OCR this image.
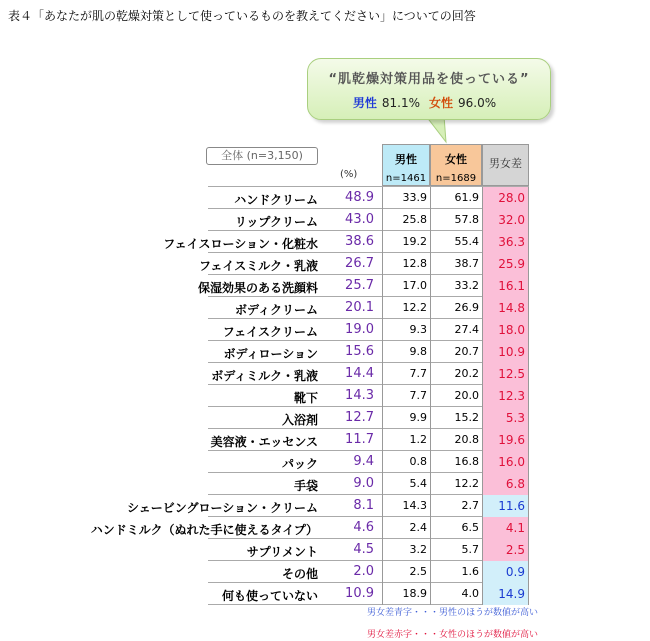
表４「あなたが肌の乾燥対策として使っているものを教えてください」についての回答
“肌乾燥対策用品を使っている”
男性 81.1% 女性 96.0%
全体 (n=3,150)
(%)
男性
n=1461
女性
n=1689
男女差
ハンドクリーム	48.9	33.9	61.9	28.0
リップクリーム	43.0	25.8	57.8	32.0
フェイスローション・化粧水	38.6	19.2	55.4	36.3
フェイスミルク・乳液	26.7	12.8	38.7	25.9
保湿効果のある洗顔料	25.7	17.0	33.2	16.1
ボディクリーム	20.1	12.2	26.9	14.8
フェイスクリーム	19.0	9.3	27.4	18.0
ボディローション	15.6	9.8	20.7	10.9
ボディミルク・乳液	14.4	7.7	20.2	12.5
靴下	14.3	7.7	20.0	12.3
入浴剤	12.7	9.9	15.2	5.3
美容液・エッセンス	11.7	1.2	20.8	19.6
パック	9.4	0.8	16.8	16.0
手袋	9.0	5.4	12.2	6.8
シェービングローション・クリーム	8.1	14.3	2.7	11.6
ハンドミルク（ぬれた手に使えるタイプ）	4.6	2.4	6.5	4.1
サプリメント	4.5	3.2	5.7	2.5
その他	2.0	2.5	1.6	0.9
何も使っていない	10.9	18.9	4.0	14.9
男女差青字・・・男性のほうが数値が高い
男女差赤字・・・女性のほうが数値が高い
